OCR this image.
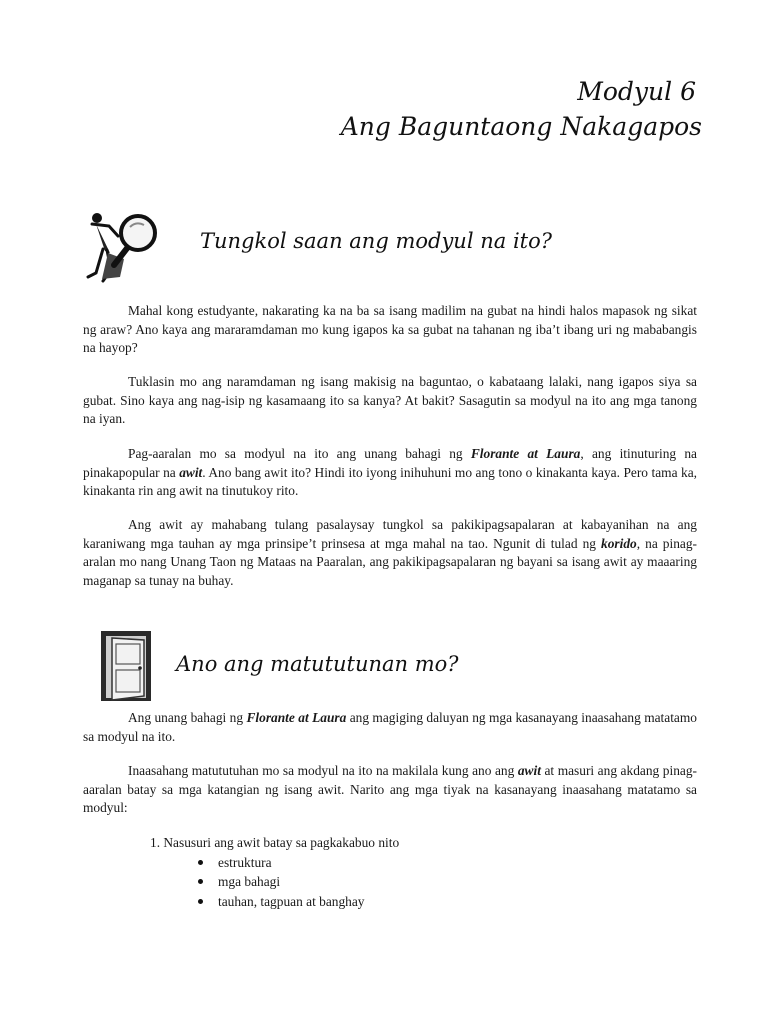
Modyul 6
Ang Baguntaong Nakagapos
Tungkol saan ang modyul na ito?

Mahal kong estudyante, nakarating ka na ba sa isang madilim na gubat na hindi halos mapasok ng sikat ng araw? Ano kaya ang mararamdaman mo kung igapos ka sa gubat na tahanan ng iba’t ibang uri ng mababangis na hayop?

Tuklasin mo ang naramdaman ng isang makisig na baguntao, o kabataang lalaki, nang igapos siya sa gubat. Sino kaya ang nag-isip ng kasamaang ito sa kanya? At bakit? Sasagutin sa modyul na ito ang mga tanong na iyan.

Pag-aaralan mo sa modyul na ito ang unang bahagi ng Florante at Laura, ang itinuturing na pinakapopular na awit. Ano bang awit ito? Hindi ito iyong inihuhuni mo ang tono o kinakanta kaya. Pero tama ka, kinakanta rin ang awit na tinutukoy rito.

Ang awit ay mahabang tulang pasalaysay tungkol sa pakikipagsapalaran at kabayanihan na ang karaniwang mga tauhan ay mga prinsipe’t prinsesa at mga mahal na tao. Ngunit di tulad ng korido, na pinag-aralan mo nang Unang Taon ng Mataas na Paaralan, ang pakikipagsapalaran ng bayani sa isang awit ay maaaring maganap sa tunay na buhay.

Ano ang matututunan mo?

Ang unang bahagi ng Florante at Laura ang magiging daluyan ng mga kasanayang inaasahang matatamo sa modyul na ito.

Inaasahang matututuhan mo sa modyul na ito na makilala kung ano ang awit at masuri ang akdang pinag-aaralan batay sa mga katangian ng isang awit. Narito ang mga tiyak na kasanayang inaasahang matatamo sa modyul:

1. Nasusuri ang awit batay sa pagkakabuo nito
estruktura
mga bahagi
tauhan, tagpuan at banghay
